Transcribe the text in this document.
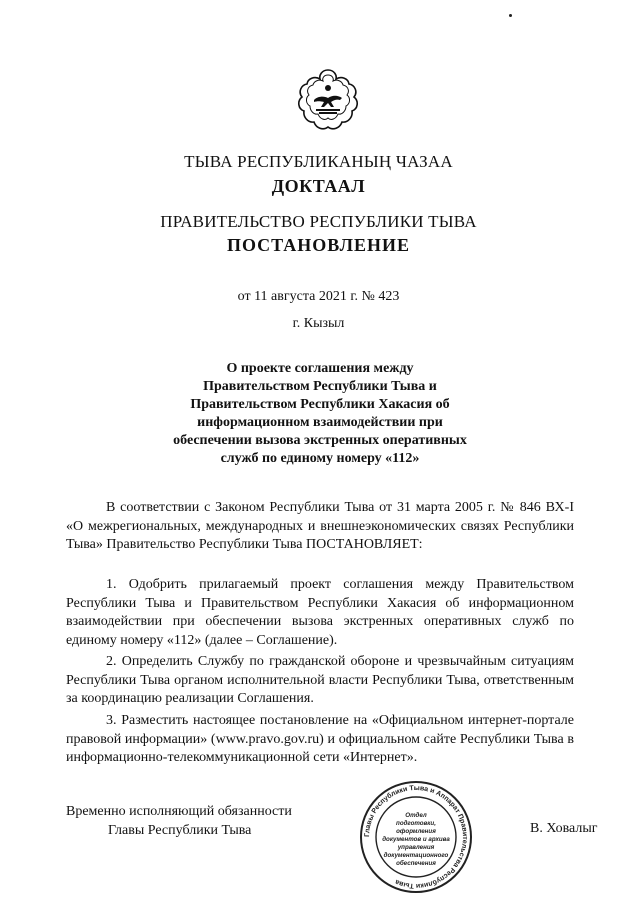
ТЫВА РЕСПУБЛИКАНЫҢ ЧАЗАА
ДОКТААЛ
ПРАВИТЕЛЬСТВО РЕСПУБЛИКИ ТЫВА
ПОСТАНОВЛЕНИЕ
от 11 августа 2021 г. № 423
г. Кызыл
О проекте соглашения между
Правительством Республики Тыва и
Правительством Республики Хакасия об
информационном взаимодействии при
обеспечении вызова экстренных оперативных
служб по единому номеру «112»
В соответствии с Законом Республики Тыва от 31 марта 2005 г. № 846 ВХ-I «О межрегиональных, международных и внешнеэкономических связях Республики Тыва» Правительство Республики Тыва ПОСТАНОВЛЯЕТ:
1. Одобрить прилагаемый проект соглашения между Правительством Республики Тыва и Правительством Республики Хакасия об информационном взаимодействии при обеспечении вызова экстренных оперативных служб по единому номеру «112» (далее – Соглашение).
2. Определить Службу по гражданской обороне и чрезвычайным ситуациям Республики Тыва органом исполнительной власти Республики Тыва, ответственным за координацию реализации Соглашения.
3. Разместить настоящее постановление на «Официальном интернет-портале правовой информации» (www.pravo.gov.ru) и официальном сайте Республики Тыва в информационно-телекоммуникационной сети «Интернет».
Временно исполняющий обязанности
Главы Республики Тыва	Главы Республики Тыва и Аппарат Правительства Республики Тыва
Отдел
подготовки,
оформления
документов и архива
управления
документационного
обеспечения
В. Ховалыг
